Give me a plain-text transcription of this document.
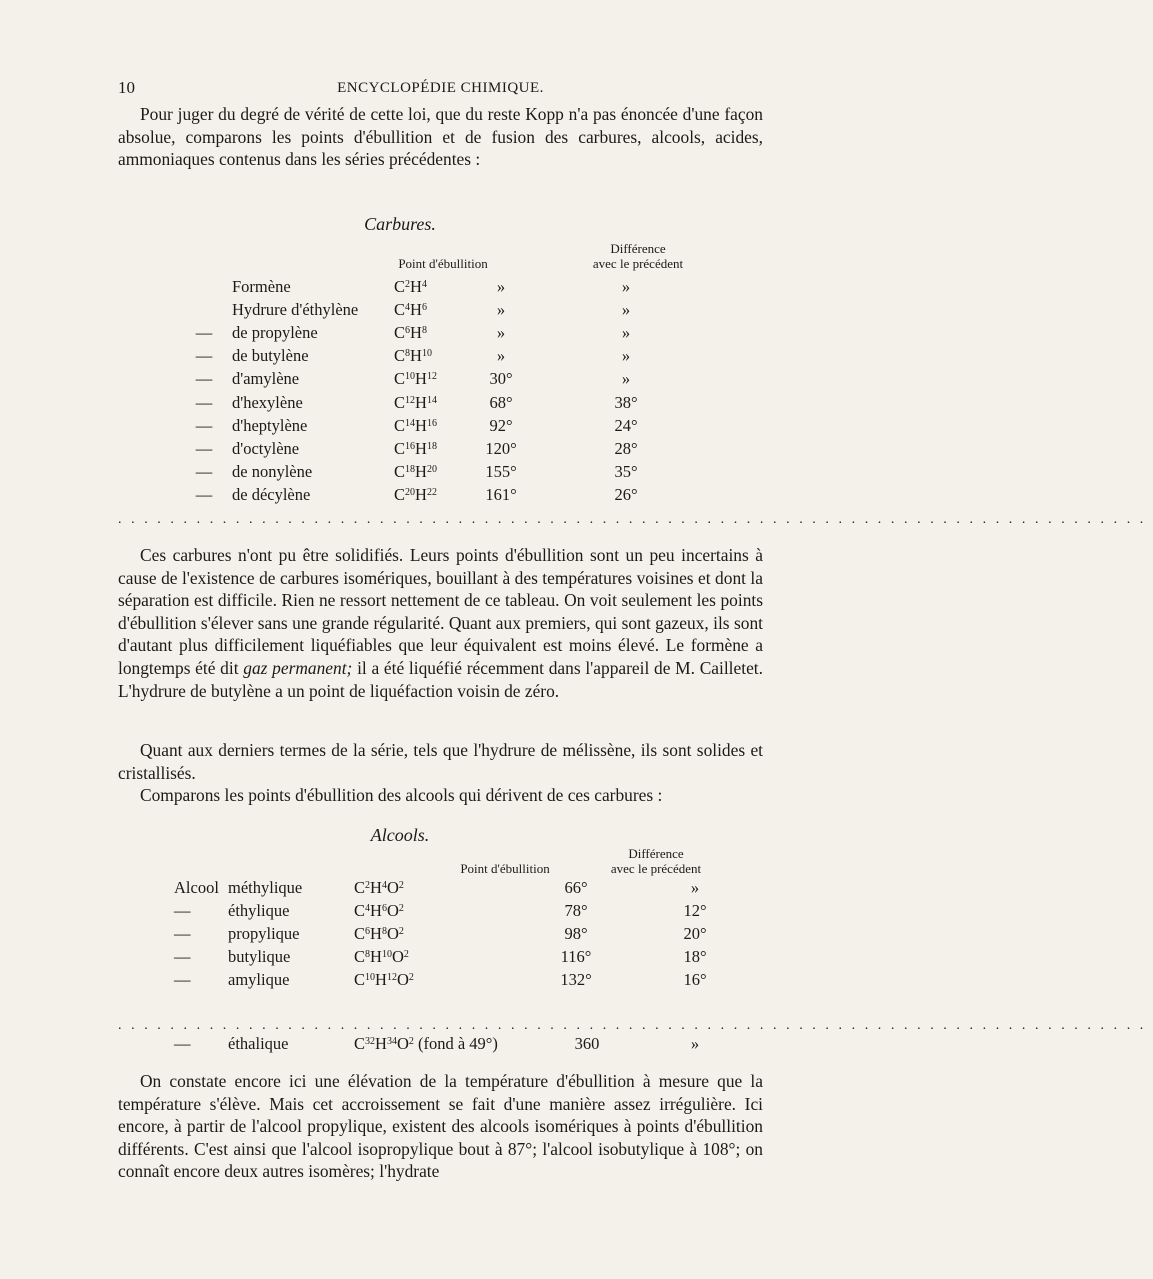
10	ENCYCLOPÉDIE CHIMIQUE.

Pour juger du degré de vérité de cette loi, que du reste Kopp n'a pas énoncée d'une façon absolue, comparons les points d'ébullition et de fusion des carbures, alcools, acides, ammoniaques contenus dans les séries précédentes :

Carbures.
Point d'ébullition
Différence
avec le précédent
	Formène	$C^2H^4$	»	»
	Hydrure d'éthylène	$C^4H^6$	»	»
—	de propylène	$C^6H^8$	»	»
—	de butylène	$C^8H^{10}$	»	»
—	d'amylène	$C^{10}H^{12}$	30°	»
—	d'hexylène	$C^{12}H^{14}$	68°	38°
—	d'heptylène	$C^{14}H^{16}$	92°	24°
—	d'octylène	$C^{16}H^{18}$	120°	28°
—	de nonylène	$C^{18}H^{20}$	155°	35°
—	de décylène	$C^{20}H^{22}$	161°	26°
...............................................................................

Ces carbures n'ont pu être solidifiés. Leurs points d'ébullition sont un peu incertains à cause de l'existence de carbures isomériques, bouillant à des températures voisines et dont la séparation est difficile. Rien ne ressort nettement de ce tableau. On voit seulement les points d'ébullition s'élever sans une grande régularité. Quant aux premiers, qui sont gazeux, ils sont d'autant plus difficilement liquéfiables que leur équivalent est moins élevé. Le formène a longtemps été dit gaz permanent; il a été liquéfié récemment dans l'appareil de M. Cailletet. L'hydrure de butylène a un point de liquéfaction voisin de zéro.

Quant aux derniers termes de la série, tels que l'hydrure de mélissène, ils sont solides et cristallisés.

Comparons les points d'ébullition des alcools qui dérivent de ces carbures :

Alcools.
Point d'ébullition
Différence
avec le précédent
Alcool	méthylique	$C^2H^4O^2$	66°	»
—	éthylique	$C^4H^6O^2$	78°	12°
—	propylique	$C^6H^8O^2$	98°	20°
—	butylique	$C^8H^{10}O^2$	116°	18°
—	amylique	$C^{10}H^{12}O^2$	132°	16°
...............................................................................
—	éthalique	$C^{32}H^{34}O^2$ (fond à 49°)	360	»

On constate encore ici une élévation de la température d'ébullition à mesure que la température s'élève. Mais cet accroissement se fait d'une manière assez irrégulière. Ici encore, à partir de l'alcool propylique, existent des alcools isomériques à points d'ébullition différents. C'est ainsi que l'alcool isopropylique bout à 87°; l'alcool isobutylique à 108°; on connaît encore deux autres isomères; l'hydrate
